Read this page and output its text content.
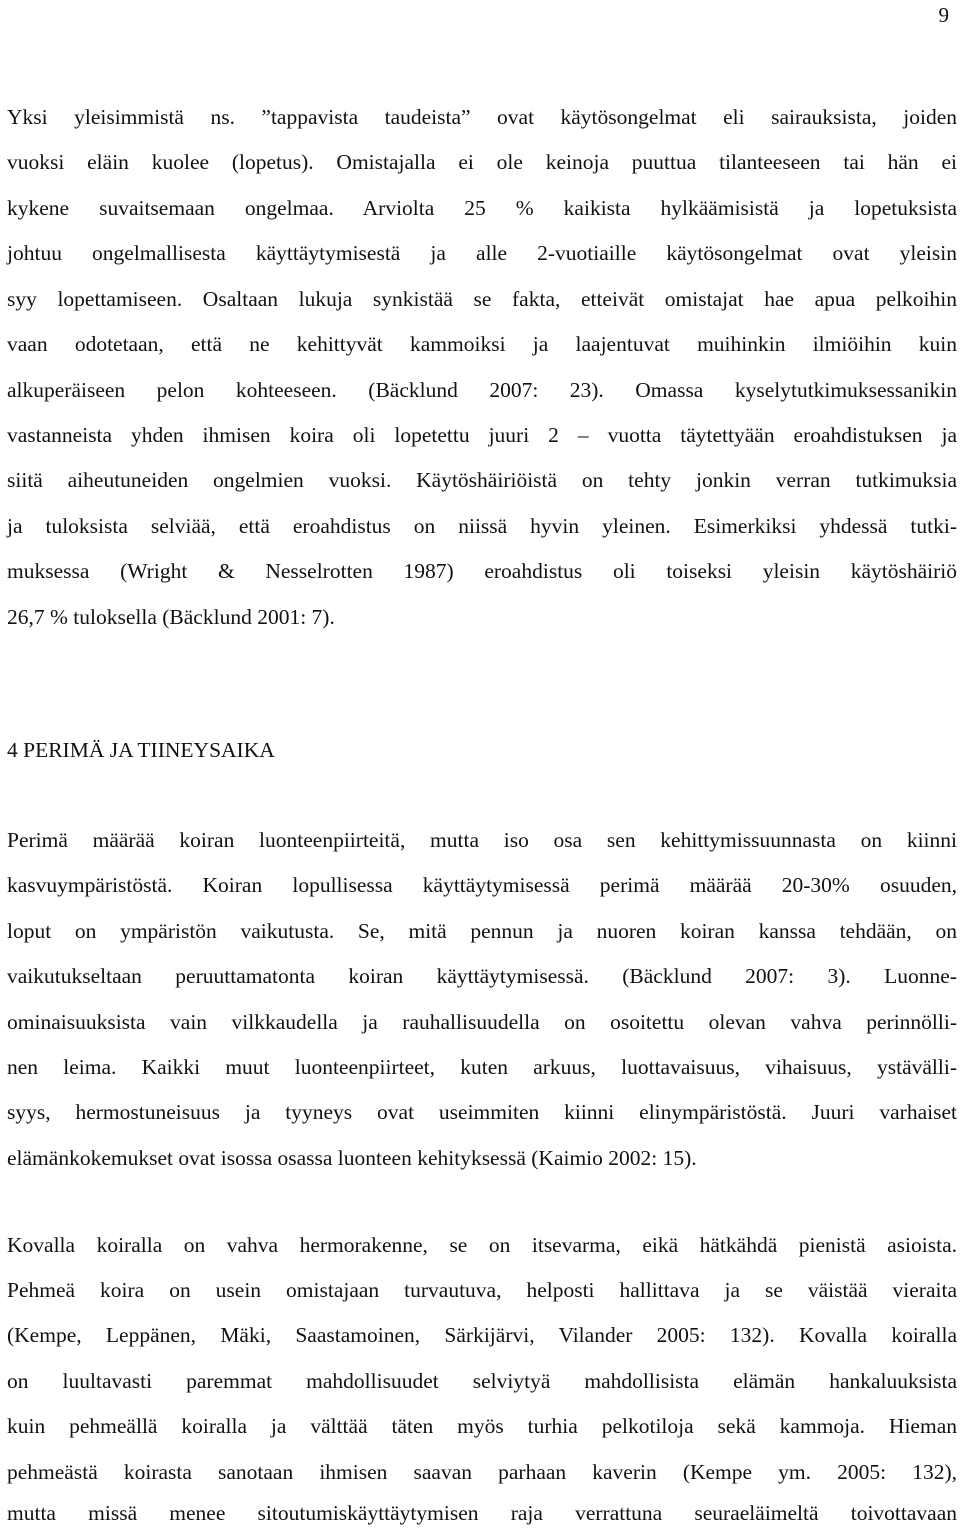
9
Yksi yleisimmistä ns. ”tappavista taudeista” ovat käytösongelmat eli sairauksista, joiden
vuoksi eläin kuolee (lopetus). Omistajalla ei ole keinoja puuttua tilanteeseen tai hän ei
kykene suvaitsemaan ongelmaa. Arviolta 25 % kaikista hylkäämisistä ja lopetuksista
johtuu ongelmallisesta käyttäytymisestä ja alle 2-vuotiaille käytösongelmat ovat yleisin
syy lopettamiseen. Osaltaan lukuja synkistää se fakta, etteivät omistajat hae apua pelkoihin
vaan odotetaan, että ne kehittyvät kammoiksi ja laajentuvat muihinkin ilmiöihin kuin
alkuperäiseen pelon kohteeseen. (Bäcklund 2007: 23). Omassa kyselytutkimuksessanikin
vastanneista yhden ihmisen koira oli lopetettu juuri 2 – vuotta täytettyään eroahdistuksen ja
siitä aiheutuneiden ongelmien vuoksi. Käytöshäiriöistä on tehty jonkin verran tutkimuksia
ja tuloksista selviää, että eroahdistus on niissä hyvin yleinen. Esimerkiksi yhdessä tutki-
muksessa (Wright & Nesselrotten 1987) eroahdistus oli toiseksi yleisin käytöshäiriö
26,7 % tuloksella (Bäcklund 2001: 7).
4 PERIMÄ JA TIINEYSAIKA
Perimä määrää koiran luonteenpiirteitä, mutta iso osa sen kehittymissuunnasta on kiinni
kasvuympäristöstä. Koiran lopullisessa käyttäytymisessä perimä määrää 20-30% osuuden,
loput on ympäristön vaikutusta. Se, mitä pennun ja nuoren koiran kanssa tehdään, on
vaikutukseltaan peruuttamatonta koiran käyttäytymisessä. (Bäcklund 2007: 3). Luonne-
ominaisuuksista vain vilkkaudella ja rauhallisuudella on osoitettu olevan vahva perinnölli-
nen leima. Kaikki muut luonteenpiirteet, kuten arkuus, luottavaisuus, vihaisuus, ystävälli-
syys, hermostuneisuus ja tyyneys ovat useimmiten kiinni elinympäristöstä. Juuri varhaiset
elämänkokemukset ovat isossa osassa luonteen kehityksessä (Kaimio 2002: 15).
Kovalla koiralla on vahva hermorakenne, se on itsevarma, eikä hätkähdä pienistä asioista.
Pehmeä koira on usein omistajaan turvautuva, helposti hallittava ja se väistää vieraita
(Kempe, Leppänen, Mäki, Saastamoinen, Särkijärvi, Vilander 2005: 132). Kovalla koiralla
on luultavasti paremmat mahdollisuudet selviytyä mahdollisista elämän hankaluuksista
kuin pehmeällä koiralla ja välttää täten myös turhia pelkotiloja sekä kammoja. Hieman
pehmeästä koirasta sanotaan ihmisen saavan parhaan kaverin (Kempe ym. 2005: 132),
mutta missä menee sitoutumiskäyttäytymisen raja verrattuna seuraeläimeltä toivottavaan
